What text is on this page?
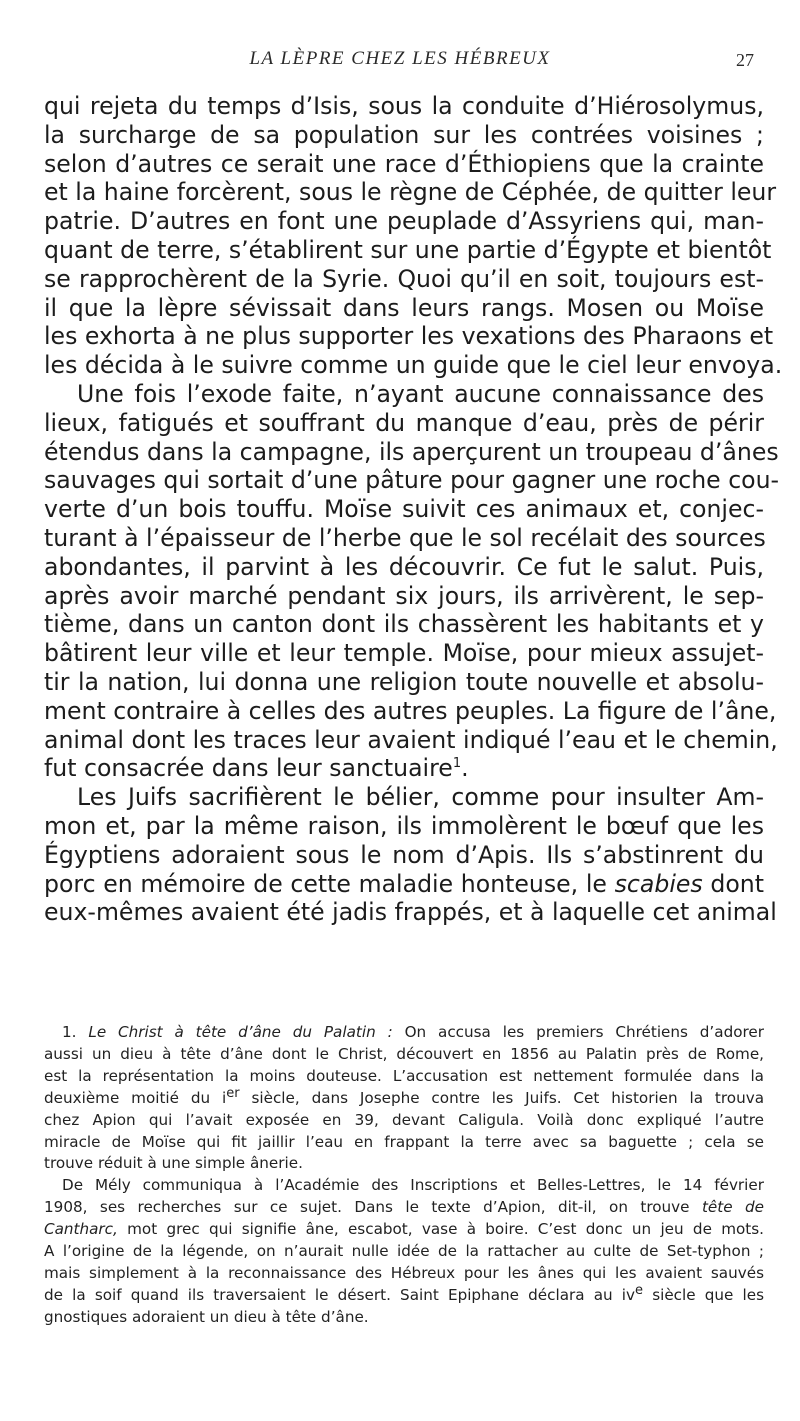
LA LÈPRE CHEZ LES HÉBREUX	27
qui rejeta du temps d’Isis, sous la conduite d’Hiérosolymus,
la surcharge de sa population sur les contrées voisines ;
selon d’autres ce serait une race d’Éthiopiens que la crainte
et la haine forcèrent, sous le règne de Céphée, de quitter leur
patrie. D’autres en font une peuplade d’Assyriens qui, man-
quant de terre, s’établirent sur une partie d’Égypte et bientôt
se rapprochèrent de la Syrie. Quoi qu’il en soit, toujours est-
il que la lèpre sévissait dans leurs rangs. Mosen ou Moïse
les exhorta à ne plus supporter les vexations des Pharaons et
les décida à le suivre comme un guide que le ciel leur envoya.
Une fois l’exode faite, n’ayant aucune connaissance des
lieux, fatigués et souffrant du manque d’eau, près de périr
étendus dans la campagne, ils aperçurent un troupeau d’ânes
sauvages qui sortait d’une pâture pour gagner une roche cou-
verte d’un bois touffu. Moïse suivit ces animaux et, conjec-
turant à l’épaisseur de l’herbe que le sol recélait des sources
abondantes, il parvint à les découvrir. Ce fut le salut. Puis,
après avoir marché pendant six jours, ils arrivèrent, le sep-
tième, dans un canton dont ils chassèrent les habitants et y
bâtirent leur ville et leur temple. Moïse, pour mieux assujet-
tir la nation, lui donna une religion toute nouvelle et absolu-
ment contraire à celles des autres peuples. La figure de l’âne,
animal dont les traces leur avaient indiqué l’eau et le chemin,
fut consacrée dans leur sanctuaire$^1$.
Les Juifs sacrifièrent le bélier, comme pour insulter Am-
mon et, par la même raison, ils immolèrent le bœuf que les
Égyptiens adoraient sous le nom d’Apis. Ils s’abstinrent du
porc en mémoire de cette maladie honteuse, le scabies dont
eux-mêmes avaient été jadis frappés, et à laquelle cet animal
1. Le Christ à tête d’âne du Palatin : On accusa les premiers Chrétiens d’adorer
aussi un dieu à tête d’âne dont le Christ, découvert en 1856 au Palatin près de Rome,
est la représentation la moins douteuse. L’accusation est nettement formulée dans la
deuxième moitié du $i^{er}$ siècle, dans Josephe contre les Juifs. Cet historien la trouva
chez Apion qui l’avait exposée en 39, devant Caligula. Voilà donc expliqué l’autre
miracle de Moïse qui fit jaillir l’eau en frappant la terre avec sa baguette ; cela se
trouve réduit à une simple ânerie.
De Mély communiqua à l’Académie des Inscriptions et Belles-Lettres, le 14 février
1908, ses recherches sur ce sujet. Dans le texte d’Apion, dit-il, on trouve tête de
Cantharc, mot grec qui signifie âne, escabot, vase à boire. C’est donc un jeu de mots.
A l’origine de la légende, on n’aurait nulle idée de la rattacher au culte de Set-typhon ;
mais simplement à la reconnaissance des Hébreux pour les ânes qui les avaient sauvés
de la soif quand ils traversaient le désert. Saint Epiphane déclara au $iv^e$ siècle que les
gnostiques adoraient un dieu à tête d’âne.
